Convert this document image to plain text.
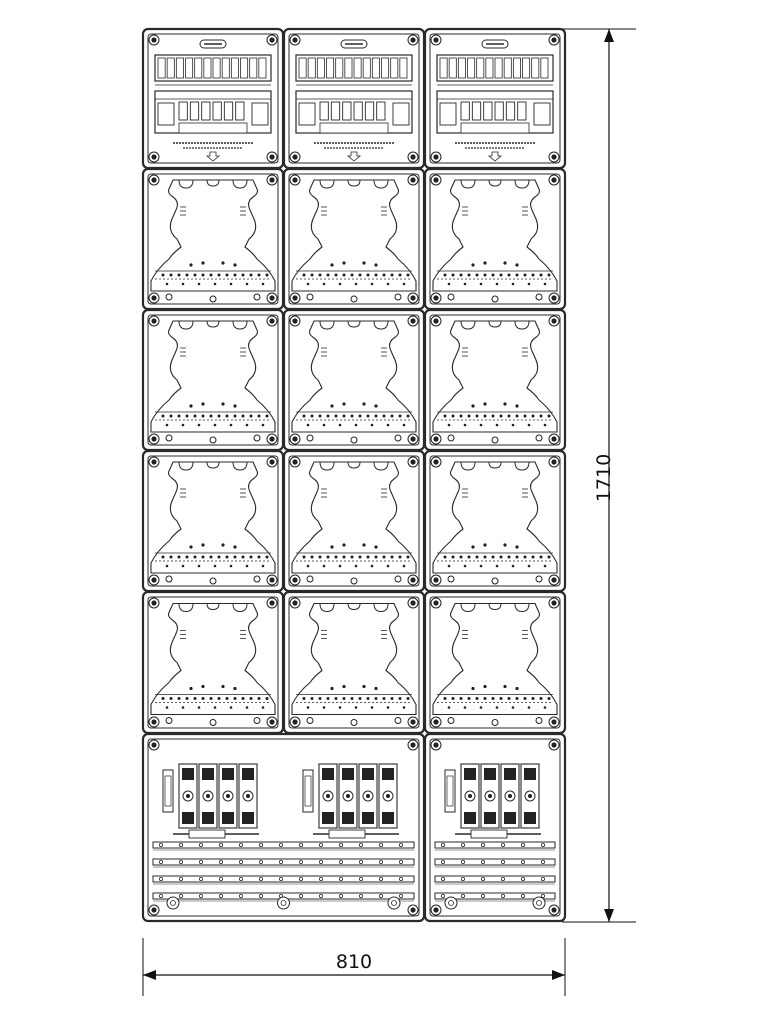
1710
810
